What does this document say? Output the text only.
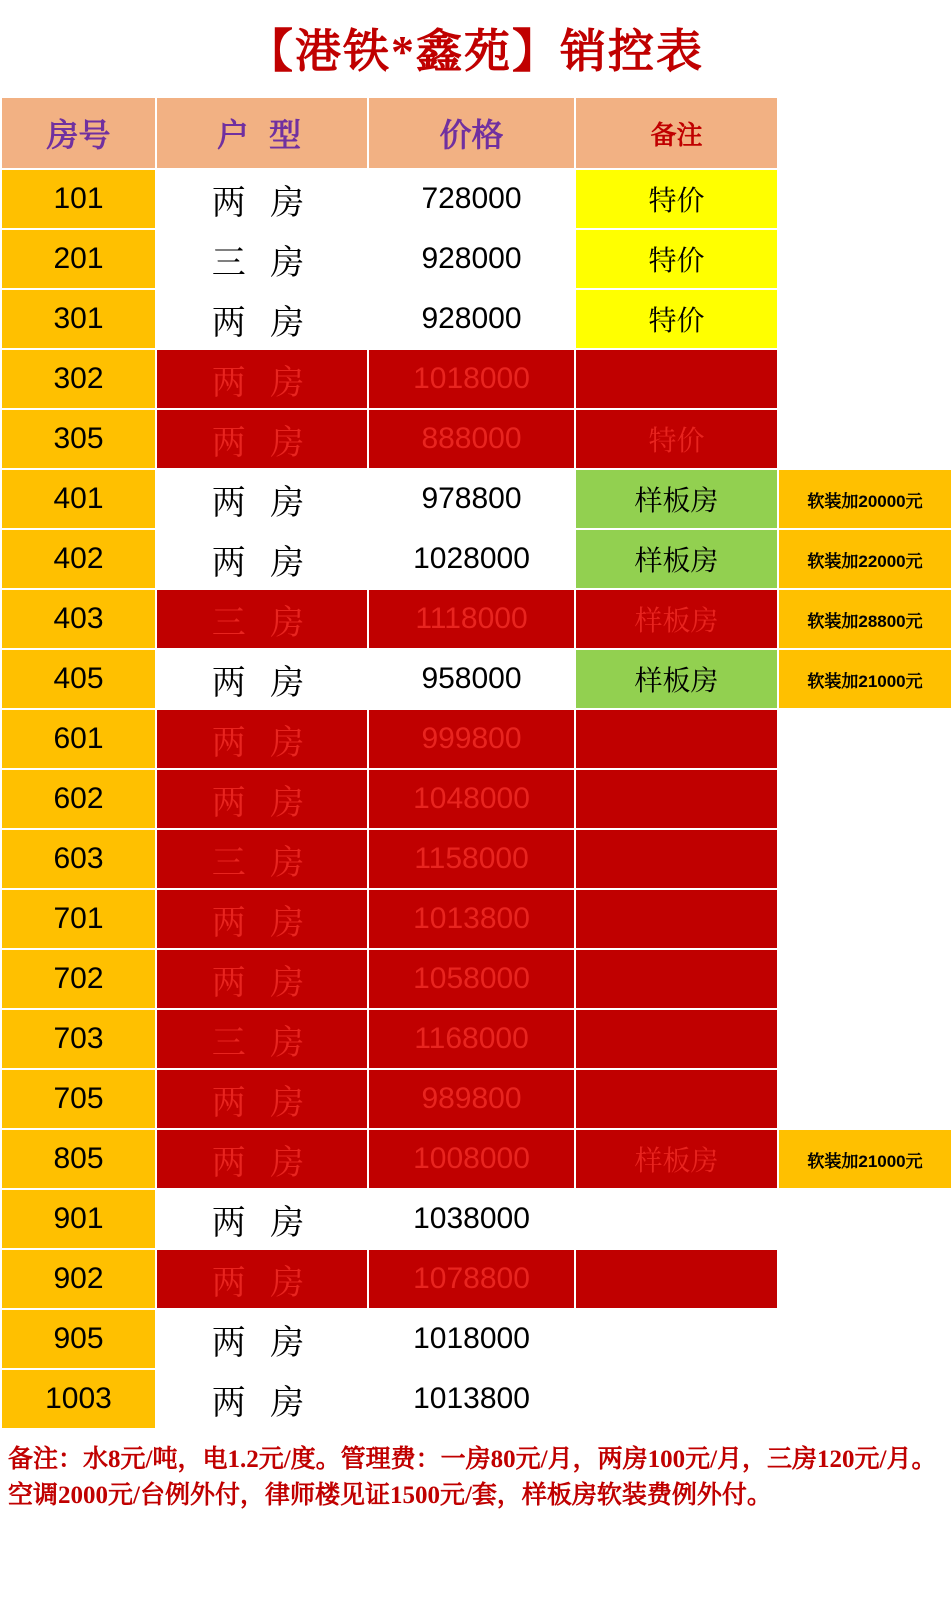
【港铁*鑫苑】销控表
房号	户 型	价格	备注	
101	两 房	728000	特价	
201	三 房	928000	特价	
301	两 房	928000	特价	
302	两 房	1018000		
305	两 房	888000	特价	
401	两 房	978800	样板房	软装加20000元
402	两 房	1028000	样板房	软装加22000元
403	三 房	1118000	样板房	软装加28800元
405	两 房	958000	样板房	软装加21000元
601	两 房	999800		
602	两 房	1048000		
603	三 房	1158000		
701	两 房	1013800		
702	两 房	1058000		
703	三 房	1168000		
705	两 房	989800		
805	两 房	1008000	样板房	软装加21000元
901	两 房	1038000		
902	两 房	1078800		
905	两 房	1018000		
1003	两 房	1013800		
备注：水8元/吨，电1.2元/度。管理费：一房80元/月，两房100元/月，三房120元/月。空调2000元/台例外付，律师楼见证1500元/套，样板房软装费例外付。
